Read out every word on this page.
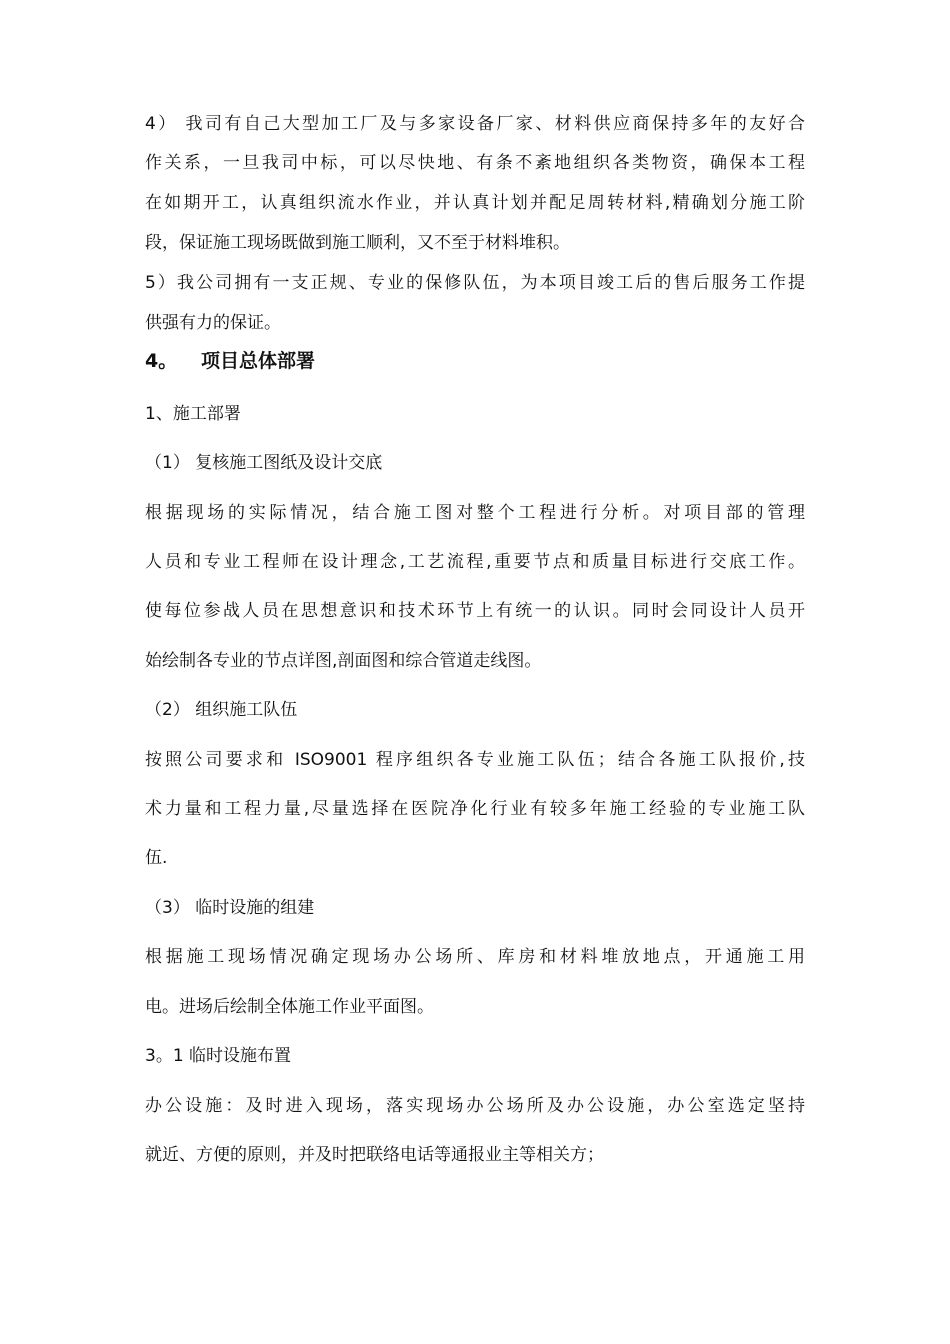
4） 我司有自己大型加工厂及与多家设备厂家、材料供应商保持多年的友好合
作关系，一旦我司中标，可以尽快地、有条不紊地组织各类物资，确保本工程
在如期开工，认真组织流水作业，并认真计划并配足周转材料,精确划分施工阶
段，保证施工现场既做到施工顺利，又不至于材料堆积。
5）我公司拥有一支正规、专业的保修队伍，为本项目竣工后的售后服务工作提
供强有力的保证。
4。 项目总体部署
1、施工部署
（1） 复核施工图纸及设计交底
根据现场的实际情况，结合施工图对整个工程进行分析。对项目部的管理
人员和专业工程师在设计理念,工艺流程,重要节点和质量目标进行交底工作。
使每位参战人员在思想意识和技术环节上有统一的认识。同时会同设计人员开
始绘制各专业的节点详图,剖面图和综合管道走线图。
（2） 组织施工队伍
按照公司要求和 ISO9001 程序组织各专业施工队伍；结合各施工队报价,技
术力量和工程力量,尽量选择在医院净化行业有较多年施工经验的专业施工队
伍.
（3） 临时设施的组建
根据施工现场情况确定现场办公场所、库房和材料堆放地点，开通施工用
电。进场后绘制全体施工作业平面图。
3。1 临时设施布置
办公设施：及时进入现场，落实现场办公场所及办公设施，办公室选定坚持
就近、方便的原则，并及时把联络电话等通报业主等相关方；
